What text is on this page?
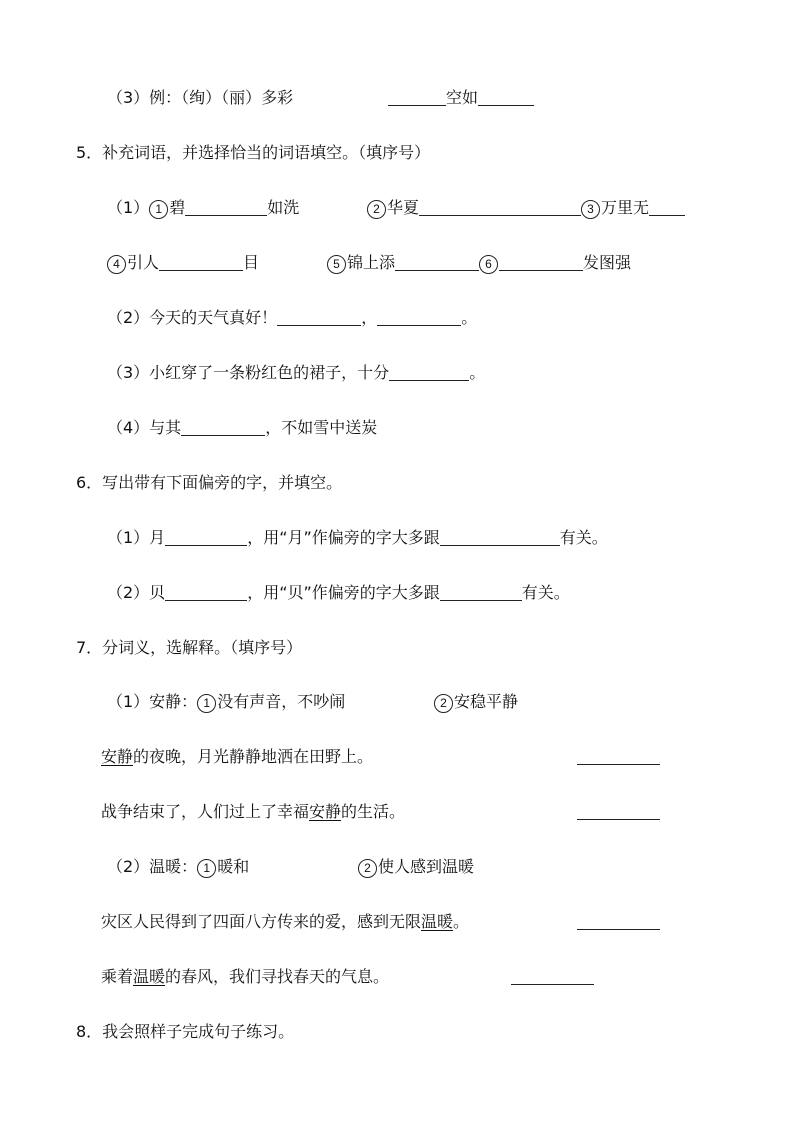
（3）例：（绚）（丽）多彩	空如
5．补充词语，并选择恰当的词语填空。（填序号）
（1） 1 碧	如洗	2 华夏	3 万里无
4 引人	目	5 锦上添	6	发图强
（2）今天的天气真好！	，	。
（3）小红穿了一条粉红色的裙子，十分	。
（4）与其	，不如雪中送炭
6．写出带有下面偏旁的字，并填空。
（1）月	，用“月”作偏旁的字大多跟	有关。
（2）贝	，用“贝”作偏旁的字大多跟	有关。
7．分词义，选解释。（填序号）
（1）安静： 1 没有声音，不吵闹	2 安稳平静
安静的夜晚，月光静静地洒在田野上。
战争结束了，人们过上了幸福安静的生活。
（2）温暖： 1 暖和	2 使人感到温暖
灾区人民得到了四面八方传来的爱，感到无限温暖。
乘着温暖的春风，我们寻找春天的气息。
8．我会照样子完成句子练习。
